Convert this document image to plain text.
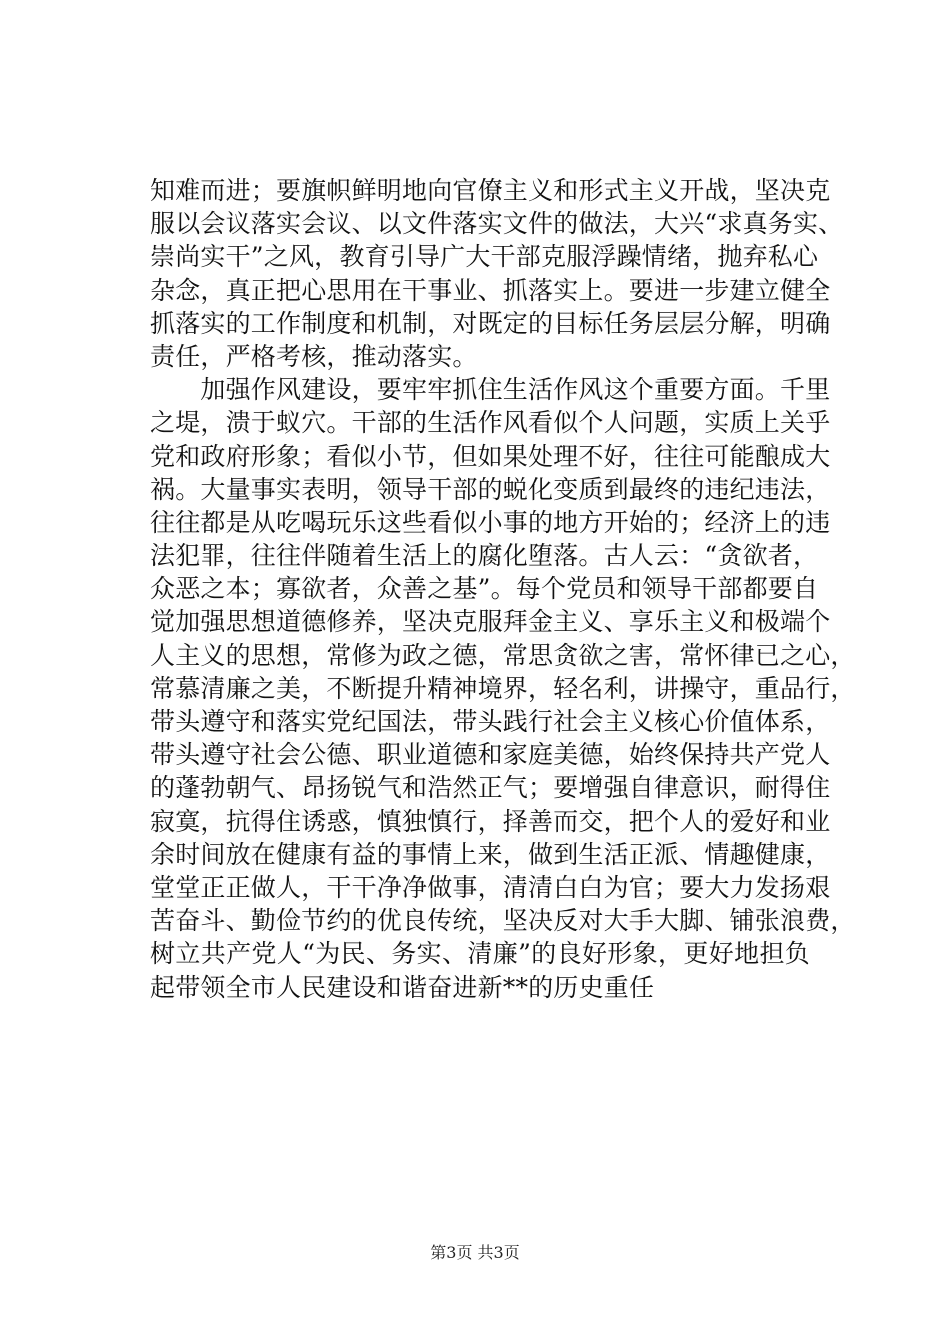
知难而进；要旗帜鲜明地向官僚主义和形式主义开战，坚决克
服以会议落实会议、以文件落实文件的做法，大兴“求真务实、
崇尚实干”之风，教育引导广大干部克服浮躁情绪，抛弃私心
杂念，真正把心思用在干事业、抓落实上。要进一步建立健全
抓落实的工作制度和机制，对既定的目标任务层层分解，明确
责任，严格考核，推动落实。
　　加强作风建设，要牢牢抓住生活作风这个重要方面。千里
之堤，溃于蚁穴。干部的生活作风看似个人问题，实质上关乎
党和政府形象；看似小节，但如果处理不好，往往可能酿成大
祸。大量事实表明，领导干部的蜕化变质到最终的违纪违法，
往往都是从吃喝玩乐这些看似小事的地方开始的；经济上的违
法犯罪，往往伴随着生活上的腐化堕落。古人云：“贪欲者，
众恶之本；寡欲者，众善之基”。每个党员和领导干部都要自
觉加强思想道德修养，坚决克服拜金主义、享乐主义和极端个
人主义的思想，常修为政之德，常思贪欲之害，常怀律已之心，
常慕清廉之美，不断提升精神境界，轻名利，讲操守，重品行，
带头遵守和落实党纪国法，带头践行社会主义核心价值体系，
带头遵守社会公德、职业道德和家庭美德，始终保持共产党人
的蓬勃朝气、昂扬锐气和浩然正气；要增强自律意识，耐得住
寂寞，抗得住诱惑，慎独慎行，择善而交，把个人的爱好和业
余时间放在健康有益的事情上来，做到生活正派、情趣健康，
堂堂正正做人，干干净净做事，清清白白为官；要大力发扬艰
苦奋斗、勤俭节约的优良传统，坚决反对大手大脚、铺张浪费，
树立共产党人“为民、务实、清廉”的良好形象，更好地担负
起带领全市人民建设和谐奋进新**的历史重任
第3页 共3页
